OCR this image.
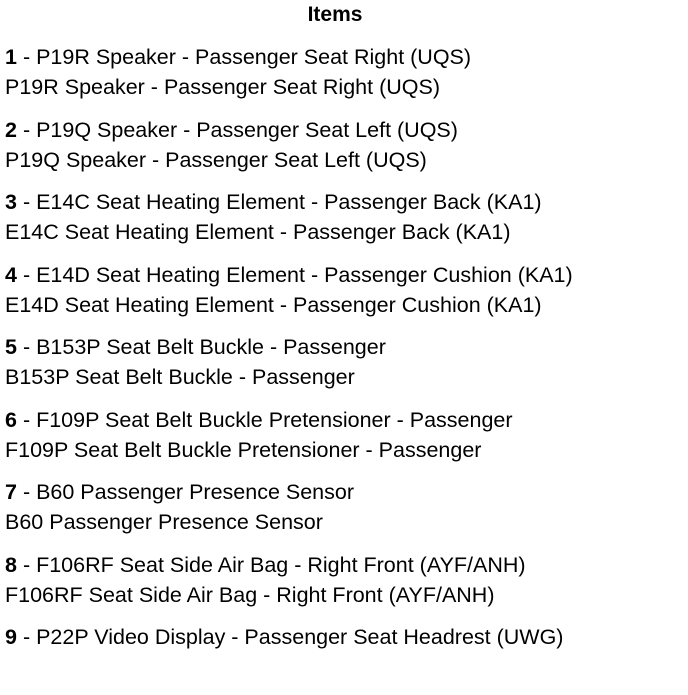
Items
1 - P19R Speaker - Passenger Seat Right (UQS)
P19R Speaker - Passenger Seat Right (UQS)
2 - P19Q Speaker - Passenger Seat Left (UQS)
P19Q Speaker - Passenger Seat Left (UQS)
3 - E14C Seat Heating Element - Passenger Back (KA1)
E14C Seat Heating Element - Passenger Back (KA1)
4 - E14D Seat Heating Element - Passenger Cushion (KA1)
E14D Seat Heating Element - Passenger Cushion (KA1)
5 - B153P Seat Belt Buckle - Passenger
B153P Seat Belt Buckle - Passenger
6 - F109P Seat Belt Buckle Pretensioner - Passenger
F109P Seat Belt Buckle Pretensioner - Passenger
7 - B60 Passenger Presence Sensor
B60 Passenger Presence Sensor
8 - F106RF Seat Side Air Bag - Right Front (AYF/ANH)
F106RF Seat Side Air Bag - Right Front (AYF/ANH)
9 - P22P Video Display - Passenger Seat Headrest (UWG)
